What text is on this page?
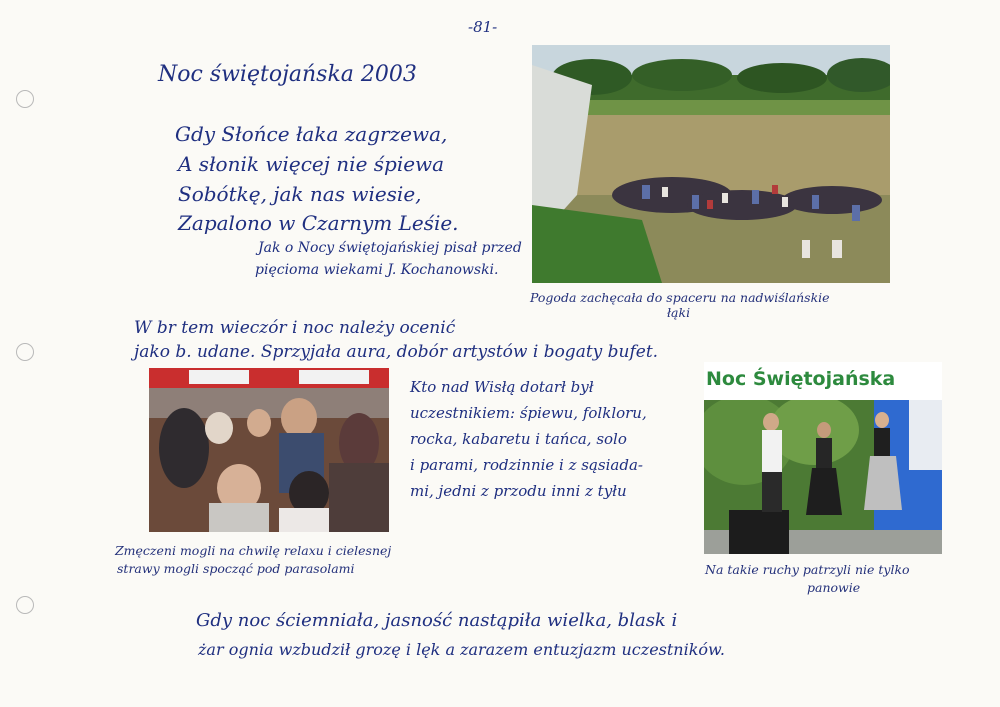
-81-
Noc świętojańska 2003
Gdy Słońce łaka zagrzewa,
A słonik więcej nie śpiewa
Sobótkę, jak nas wiesie,
Zapalono w Czarnym Leśie.
Jak o Nocy świętojańskiej pisał przed
pięcioma wiekami J. Kochanowski.
Pogoda zachęcała do spaceru na nadwiślańskie
łąki
W br tem wieczór i noc należy ocenić
jako b. udane. Sprzyjała aura, dobór artystów i bogaty bufet.
Zmęczeni mogli na chwilę relaxu i cielesnej
strawy mogli spocząć pod parasolami
Kto nad Wisłą dotarł był
uczestnikiem: śpiewu, folkloru,
rocka, kabaretu i tańca, solo
i parami, rodzinnie i z sąsiada-
mi, jedni z przodu inni z tyłu
Noc Świętojańska
Na takie ruchy patrzyli nie tylko
panowie
Gdy noc ściemniała, jasność nastąpiła wielka, blask i
żar ognia wzbudził grozę i lęk a zarazem entuzjazm uczestników.
